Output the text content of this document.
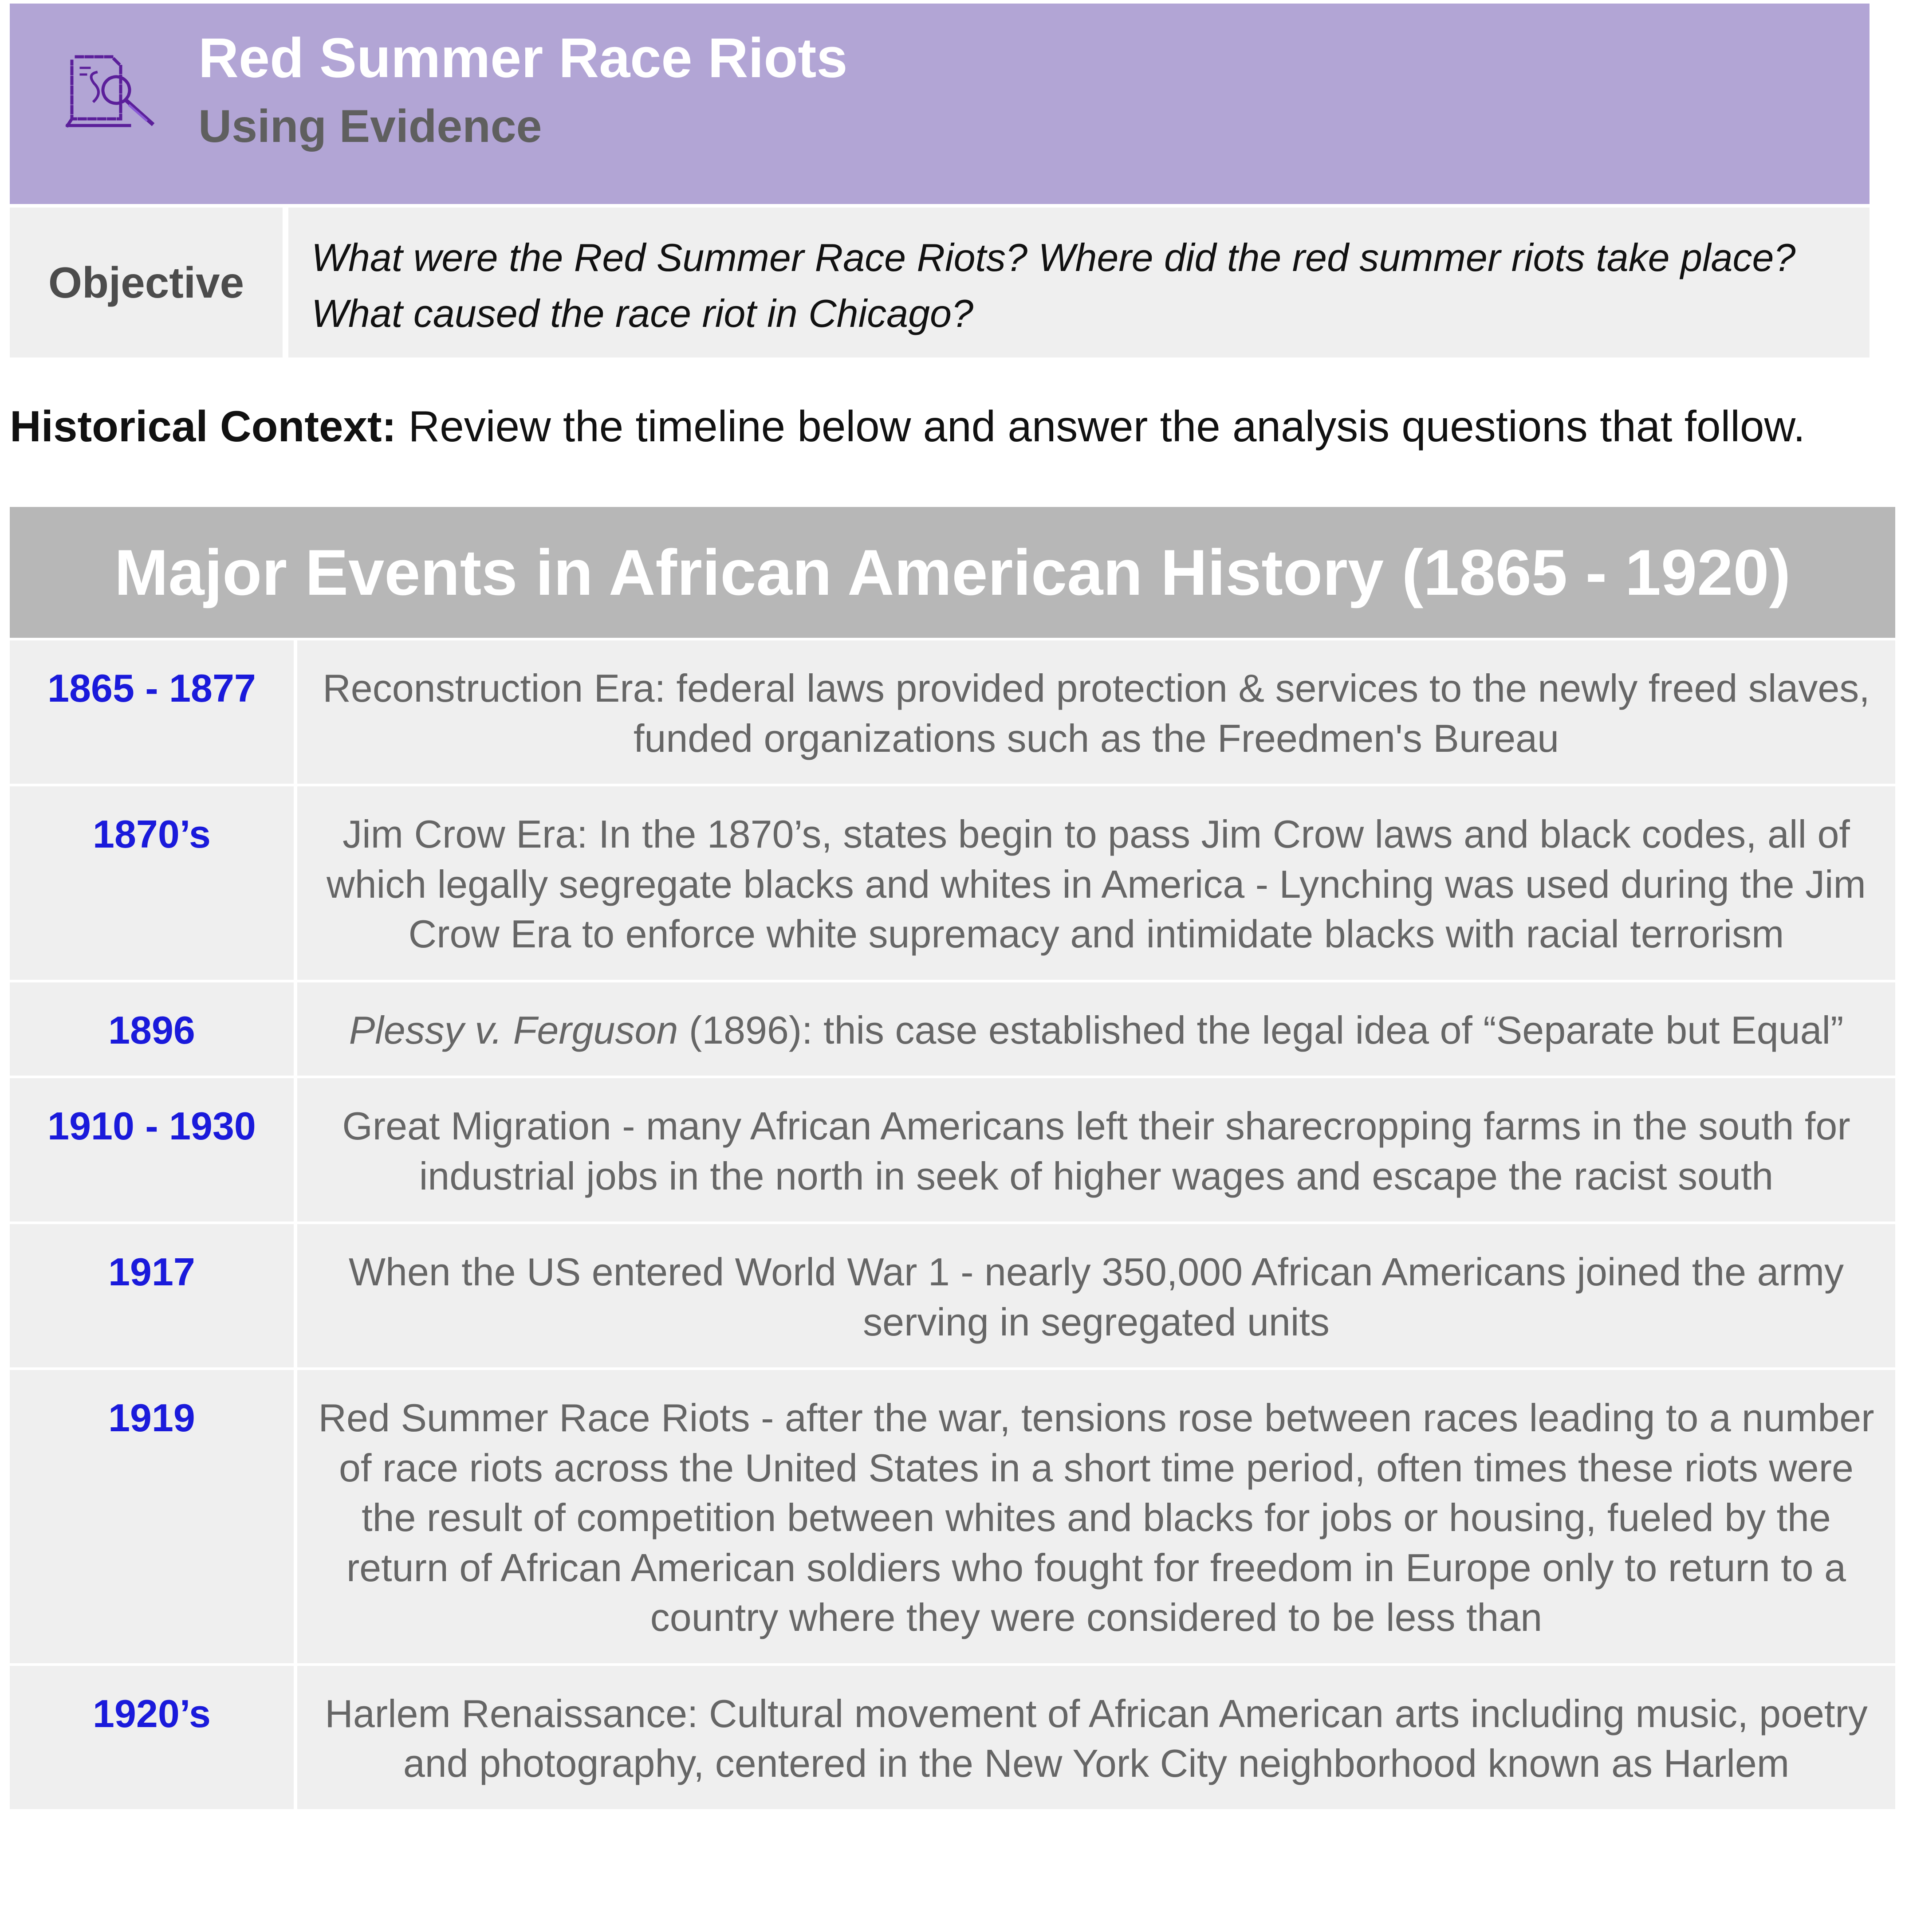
Red Summer Race Riots
Using Evidence
Objective
What were the Red Summer Race Riots? Where did the red summer riots take place? What caused the race riot in Chicago?
Historical Context: Review the timeline below and answer the analysis questions that follow.
Major Events in African American History (1865 - 1920)
1865 - 1877	Reconstruction Era: federal laws provided protection & services to the newly freed slaves, funded organizations such as the Freedmen's Bureau
1870’s	Jim Crow Era: In the 1870’s, states begin to pass Jim Crow laws and black codes, all of which legally segregate blacks and whites in America - Lynching was used during the Jim Crow Era to enforce white supremacy and intimidate blacks with racial terrorism
1896	Plessy v. Ferguson (1896): this case established the legal idea of “Separate but Equal”
1910 - 1930	Great Migration - many African Americans left their sharecropping farms in the south for industrial jobs in the north in seek of higher wages and escape the racist south
1917	When the US entered World War 1 - nearly 350,000 African Americans joined the army serving in segregated units
1919	Red Summer Race Riots - after the war, tensions rose between races leading to a number of race riots across the United States in a short time period, often times these riots were the result of competition between whites and blacks for jobs or housing, fueled by the return of African American soldiers who fought for freedom in Europe only to return to a country where they were considered to be less than
1920’s	Harlem Renaissance: Cultural movement of African American arts including music, poetry and photography, centered in the New York City neighborhood known as Harlem
